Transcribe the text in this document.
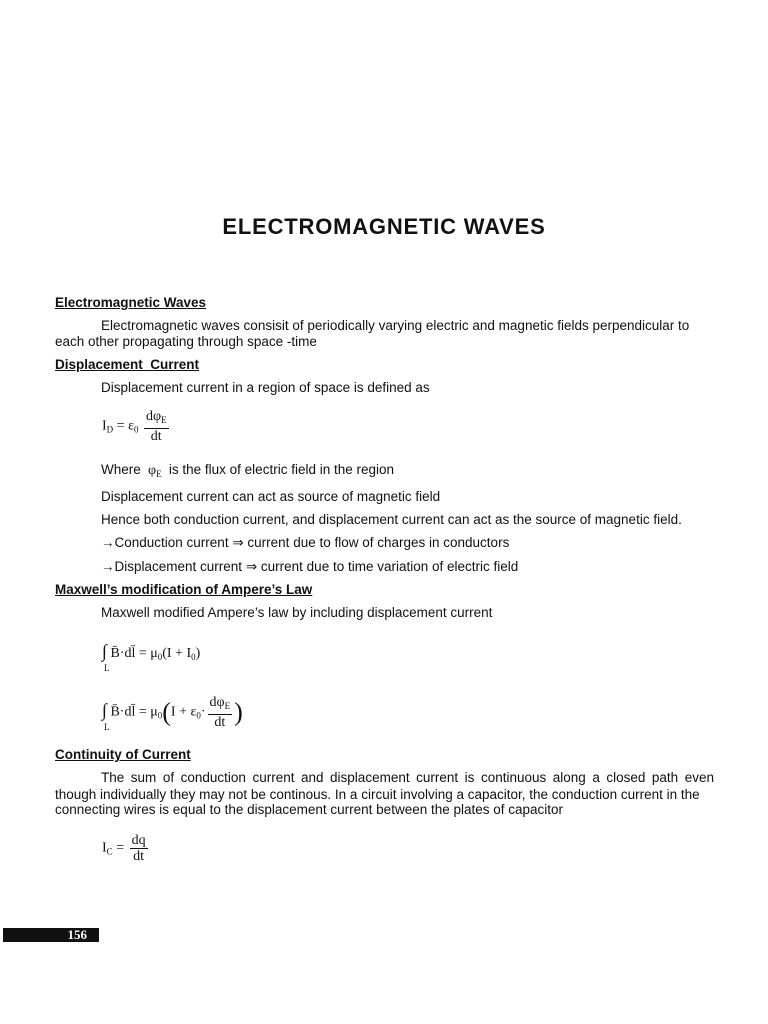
ELECTROMAGNETIC WAVES
Electromagnetic Waves
Electromagnetic waves consisit of periodically varying electric and magnetic fields perpendicular to
each other propagating through space -time
Displacement  Current
Displacement current in a region of space is defined as
$I_D = \varepsilon_0 \frac{d\varphi_E}{dt}$
Where  $\varphi_E$ is the flux of electric field in the region
Displacement current can act as source of magnetic field
Hence both conduction current, and displacement current can act as the source of magnetic field.
→Conduction current ⇒ current due to flow of charges in conductors
→Displacement current ⇒ current due to time variation of electric field
Maxwell’s modification of Ampere’s Law
Maxwell modified Ampere’s law by including displacement current
∫
L
B̄·dl̄ = $\mu_0(I + I_0)$
∫
L
B̄·dl̄ = $\mu_0(I + \varepsilon_0\cdot \frac{d\varphi_E}{dt}$ )
Continuity of Current
The sum of conduction current and displacement current is continuous along a closed path even though individually they may not be continous. In a circuit involving a capacitor, the conduction current in the
connecting wires is equal to the displacement current between the plates of capacitor
$I_C = \frac{dq}{dt}$
156
